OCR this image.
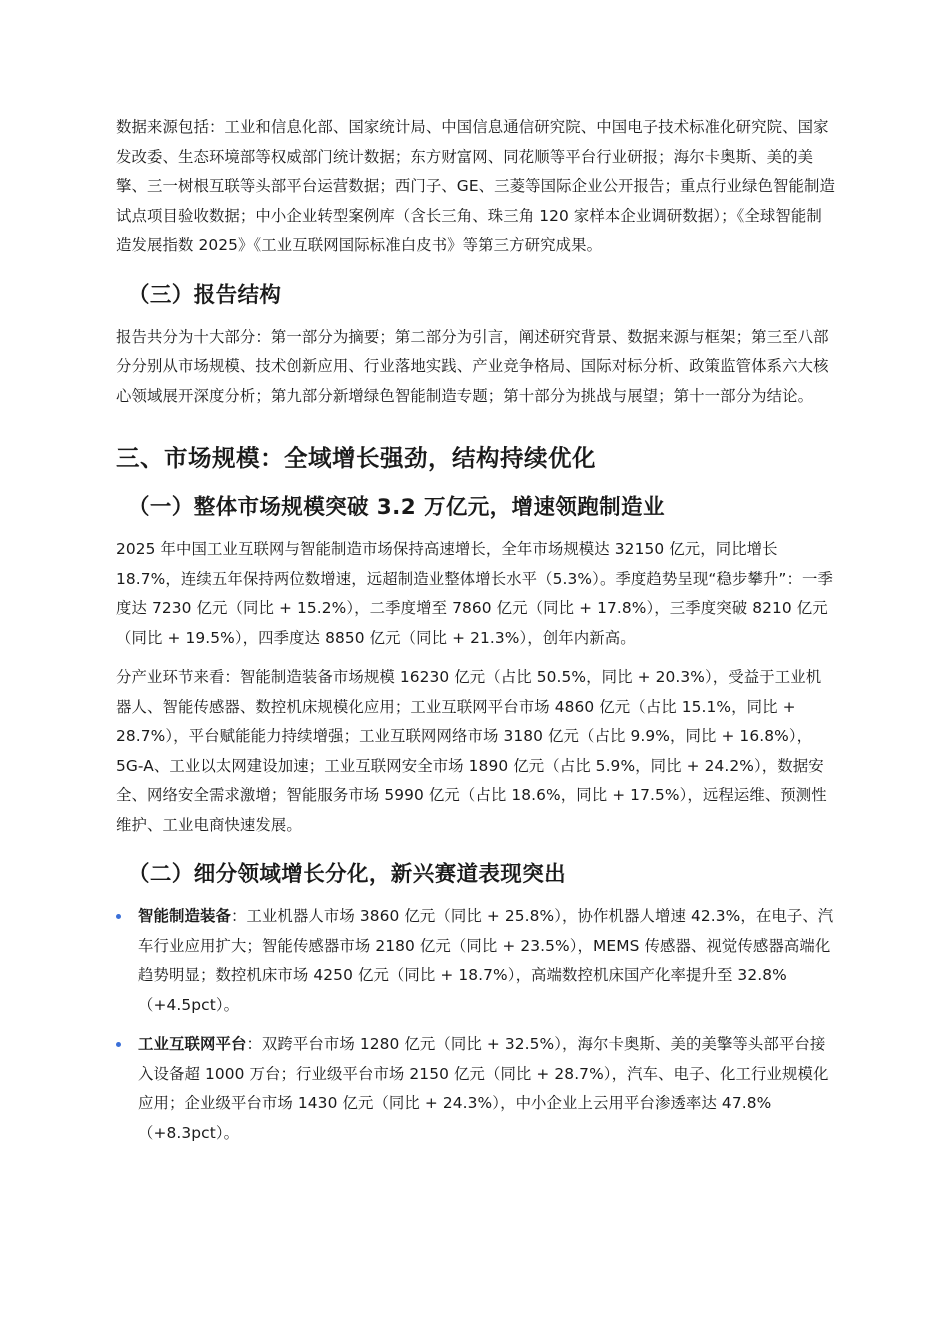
数据来源包括：工业和信息化部、国家统计局、中国信息通信研究院、中国电子技术标准化研究院、国家发改委、生态环境部等权威部门统计数据；东方财富网、同花顺等平台行业研报；海尔卡奥斯、美的美擎、三一树根互联等头部平台运营数据；西门子、GE、三菱等国际企业公开报告；重点行业绿色智能制造试点项目验收数据；中小企业转型案例库（含长三角、珠三角 120 家样本企业调研数据）；《全球智能制造发展指数 2025》《工业互联网国际标准白皮书》等第三方研究成果。

（三）报告结构

报告共分为十大部分：第一部分为摘要；第二部分为引言，阐述研究背景、数据来源与框架；第三至八部分分别从市场规模、技术创新应用、行业落地实践、产业竞争格局、国际对标分析、政策监管体系六大核心领域展开深度分析；第九部分新增绿色智能制造专题；第十部分为挑战与展望；第十一部分为结论。

三、市场规模：全域增长强劲，结构持续优化
（一）整体市场规模突破 3.2 万亿元，增速领跑制造业

2025 年中国工业互联网与智能制造市场保持高速增长，全年市场规模达 32150 亿元，同比增长 18.7%，连续五年保持两位数增速，远超制造业整体增长水平（5.3%）。季度趋势呈现“稳步攀升”：一季度达 7230 亿元（同比 + 15.2%），二季度增至 7860 亿元（同比 + 17.8%），三季度突破 8210 亿元（同比 + 19.5%），四季度达 8850 亿元（同比 + 21.3%），创年内新高。

分产业环节来看：智能制造装备市场规模 16230 亿元（占比 50.5%，同比 + 20.3%），受益于工业机器人、智能传感器、数控机床规模化应用；工业互联网平台市场 4860 亿元（占比 15.1%，同比 + 28.7%），平台赋能能力持续增强；工业互联网网络市场 3180 亿元（占比 9.9%，同比 + 16.8%），5G-A、工业以太网建设加速；工业互联网安全市场 1890 亿元（占比 5.9%，同比 + 24.2%），数据安全、网络安全需求激增；智能服务市场 5990 亿元（占比 18.6%，同比 + 17.5%），远程运维、预测性维护、工业电商快速发展。

（二）细分领域增长分化，新兴赛道表现突出

智能制造装备：工业机器人市场 3860 亿元（同比 + 25.8%），协作机器人增速 42.3%，在电子、汽车行业应用扩大；智能传感器市场 2180 亿元（同比 + 23.5%），MEMS 传感器、视觉传感器高端化趋势明显；数控机床市场 4250 亿元（同比 + 18.7%），高端数控机床国产化率提升至 32.8%（+4.5pct）。

工业互联网平台：双跨平台市场 1280 亿元（同比 + 32.5%），海尔卡奥斯、美的美擎等头部平台接入设备超 1000 万台；行业级平台市场 2150 亿元（同比 + 28.7%），汽车、电子、化工行业规模化应用；企业级平台市场 1430 亿元（同比 + 24.3%），中小企业上云用平台渗透率达 47.8%（+8.3pct）。
